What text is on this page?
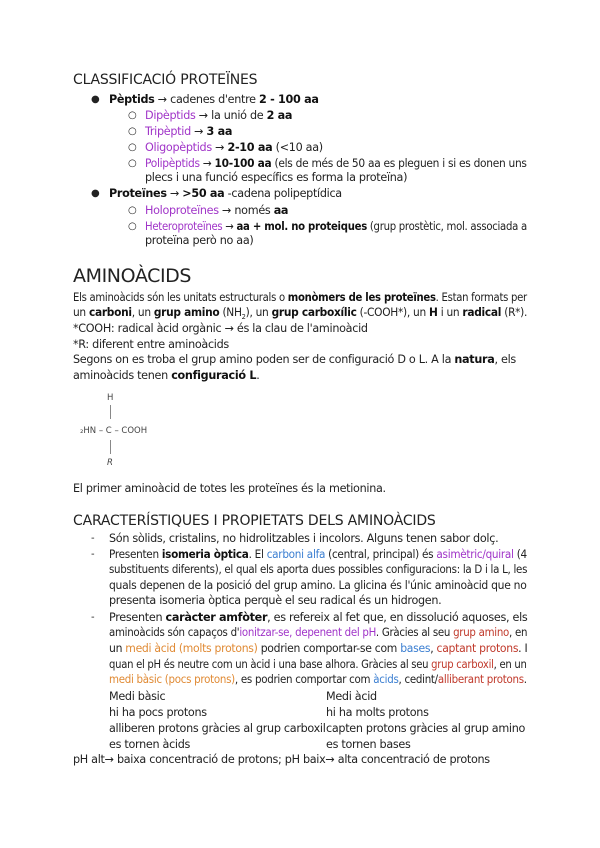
CLASSIFICACIÓ PROTEÏNES
● Pèptids → cadenes d'entre 2 - 100 aa
○ Dipèptids → la unió de 2 aa
○ Tripèptid → 3 aa
○ Oligopèptids → 2-10 aa (<10 aa)
○ Polipèptids → 10-100 aa (els de més de 50 aa es pleguen i si es donen uns
plecs i una funció específics es forma la proteïna)
● Proteïnes → >50 aa -cadena polipeptídica
○ Holoproteïnes → només aa
○ Heteroproteïnes → aa + mol. no proteiques (grup prostètic, mol. associada a
proteïna però no aa)
AMINOÀCIDS
Els aminoàcids són les unitats estructurals o monòmers de les proteïnes. Estan formats per
un carboni, un grup amino $(NH_2)$, un grup carboxílic (-COOH*), un H i un radical (R*).
*COOH: radical àcid orgànic → és la clau de l'aminoàcid
*R: diferent entre aminoàcids
Segons on es troba el grup amino poden ser de configuració D o L. A la natura, els
aminoàcids tenen configuració L.
H
₂HN – C – COOH
R
El primer aminoàcid de totes les proteïnes és la metionina.
CARACTERÍSTIQUES I PROPIETATS DELS AMINOÀCIDS
- Són sòlids, cristalins, no hidrolitzables i incolors. Alguns tenen sabor dolç.
- Presenten isomeria òptica. El carboni alfa (central, principal) és asimètric/quiral (4
substituents diferents), el qual els aporta dues possibles configuracions: la D i la L, les
quals depenen de la posició del grup amino. La glicina és l'únic aminoàcid que no
presenta isomeria òptica perquè el seu radical és un hidrogen.
- Presenten caràcter amfòter, es refereix al fet que, en dissolució aquoses, els
aminoàcids són capaços d'ionitzar-se, depenent del pH. Gràcies al seu grup amino, en
un medi àcid (molts protons) podrien comportar-se com bases, captant protons. I
quan el pH és neutre com un àcid i una base alhora. Gràcies al seu grup carboxil, en un
medi bàsic (pocs protons), es podrien comportar com àcids, cedint/alliberant protons.
Medi bàsic	Medi àcid
hi ha pocs protons	hi ha molts protons
alliberen protons gràcies al grup carboxil capten protons gràcies al grup amino
es tornen àcids	es tornen bases
pH alt→ baixa concentració de protons; pH baix→ alta concentració de protons
